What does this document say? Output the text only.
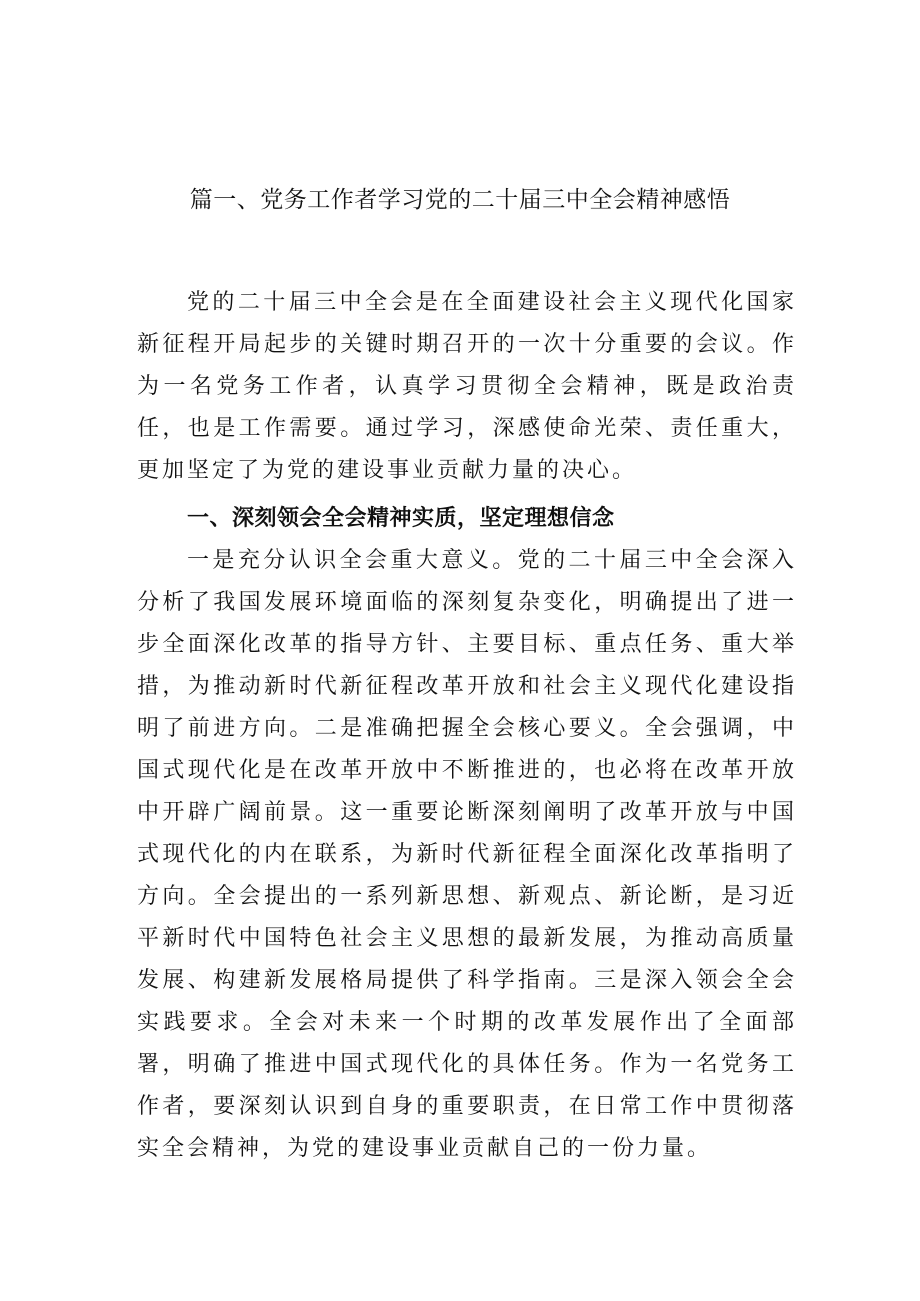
篇一、党务工作者学习党的二十届三中全会精神感悟

党的二十届三中全会是在全面建设社会主义现代化国家新征程开局起步的关键时期召开的一次十分重要的会议。作为一名党务工作者，认真学习贯彻全会精神，既是政治责任，也是工作需要。通过学习，深感使命光荣、责任重大，更加坚定了为党的建设事业贡献力量的决心。

一、深刻领会全会精神实质，坚定理想信念

一是充分认识全会重大意义。党的二十届三中全会深入分析了我国发展环境面临的深刻复杂变化，明确提出了进一步全面深化改革的指导方针、主要目标、重点任务、重大举措，为推动新时代新征程改革开放和社会主义现代化建设指明了前进方向。二是准确把握全会核心要义。全会强调，中国式现代化是在改革开放中不断推进的，也必将在改革开放中开辟广阔前景。这一重要论断深刻阐明了改革开放与中国式现代化的内在联系，为新时代新征程全面深化改革指明了方向。全会提出的一系列新思想、新观点、新论断，是习近平新时代中国特色社会主义思想的最新发展，为推动高质量发展、构建新发展格局提供了科学指南。三是深入领会全会实践要求。全会对未来一个时期的改革发展作出了全面部署，明确了推进中国式现代化的具体任务。作为一名党务工作者，要深刻认识到自身的重要职责，在日常工作中贯彻落实全会精神，为党的建设事业贡献自己的一份力量。
